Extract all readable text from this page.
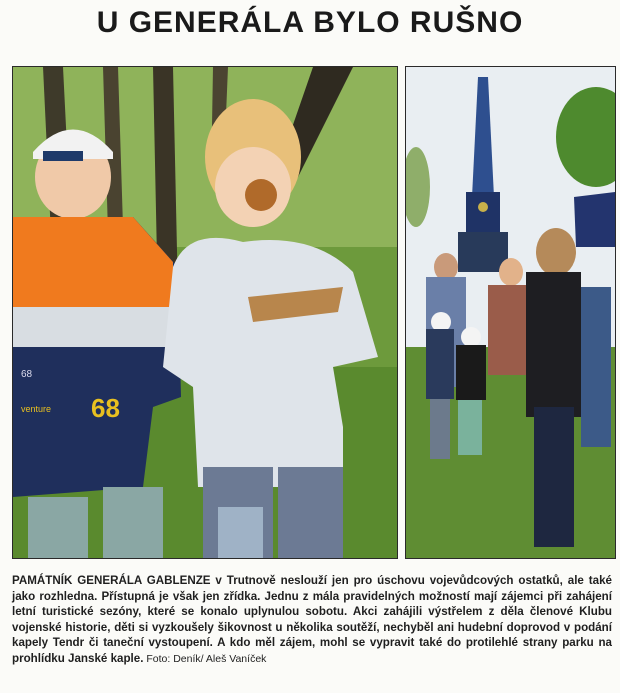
U GENERÁLA BYLO RUŠNO
68
68
venture
PAMÁTNÍK GENERÁLA GABLENZE v Trutnově neslouží jen pro úschovu vojevůdcových ostatků, ale také jako rozhledna. Přístupná je však jen zřídka. Jednu z mála pravidelných možností mají zájemci při zahájení letní turistické sezóny, které se konalo uplynulou sobotu. Akci zahájili výstřelem z děla členové Klubu vojenské historie, děti si vyzkoušely šikovnost u několika soutěží, nechyběl ani hudební doprovod v podání kapely Tendr či taneční vystoupení. A kdo měl zájem, mohl se vypravit také do protilehlé strany parku na prohlídku Janské kaple. Foto: Deník/ Aleš Vaníček
